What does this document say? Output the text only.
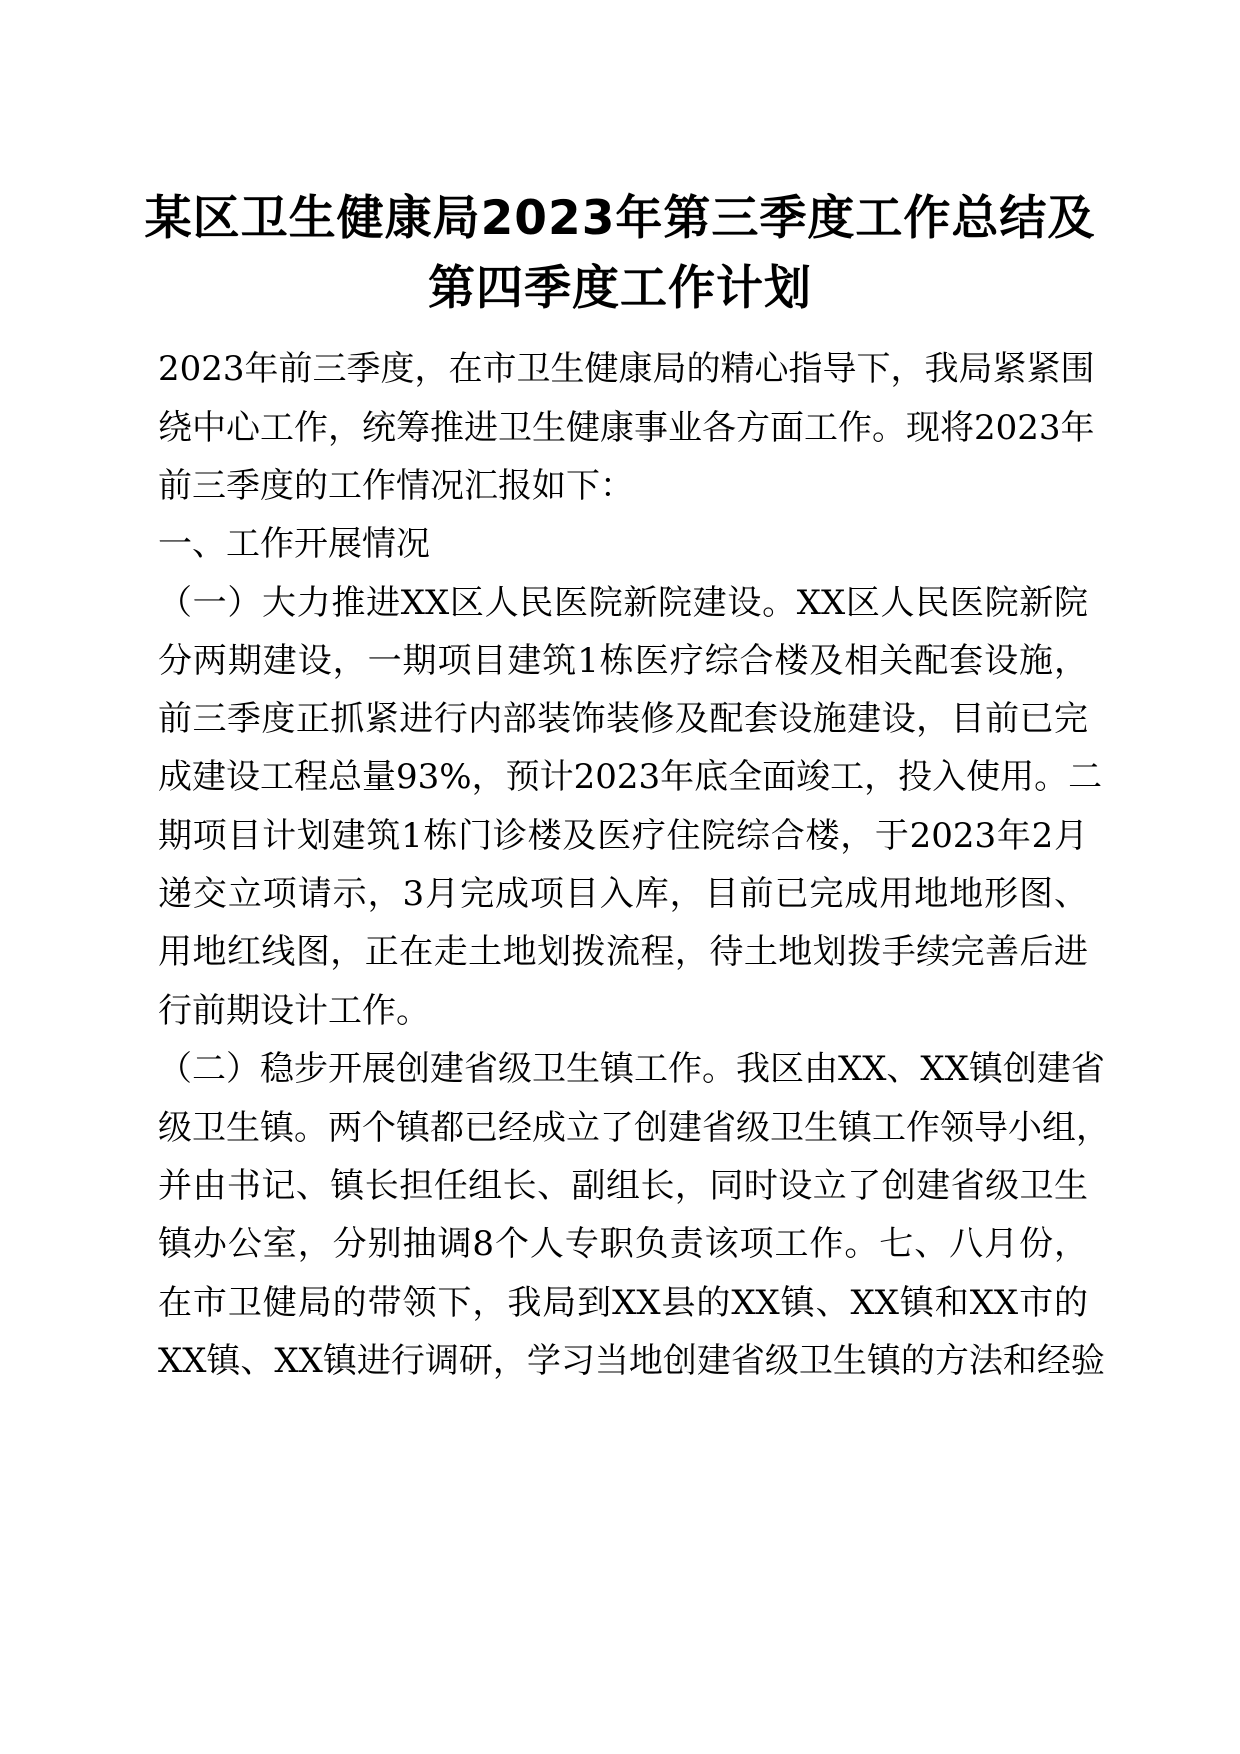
某区卫生健康局2023年第三季度工作总结及
第四季度工作计划

2023年前三季度，在市卫生健康局的精心指导下，我局紧紧围

绕中心工作，统筹推进卫生健康事业各方面工作。现将2023年

前三季度的工作情况汇报如下：

一、工作开展情况

（一）大力推进XX区人民医院新院建设。XX区人民医院新院

分两期建设，一期项目建筑1栋医疗综合楼及相关配套设施，

前三季度正抓紧进行内部装饰装修及配套设施建设，目前已完

成建设工程总量93%，预计2023年底全面竣工，投入使用。二

期项目计划建筑1栋门诊楼及医疗住院综合楼，于2023年2月

递交立项请示，3月完成项目入库，目前已完成用地地形图、

用地红线图，正在走土地划拨流程，待土地划拨手续完善后进

行前期设计工作。

（二）稳步开展创建省级卫生镇工作。我区由XX、XX镇创建省

级卫生镇。两个镇都已经成立了创建省级卫生镇工作领导小组，

并由书记、镇长担任组长、副组长，同时设立了创建省级卫生

镇办公室，分别抽调8个人专职负责该项工作。七、八月份，

在市卫健局的带领下，我局到XX县的XX镇、XX镇和XX市的

XX镇、XX镇进行调研，学习当地创建省级卫生镇的方法和经验
